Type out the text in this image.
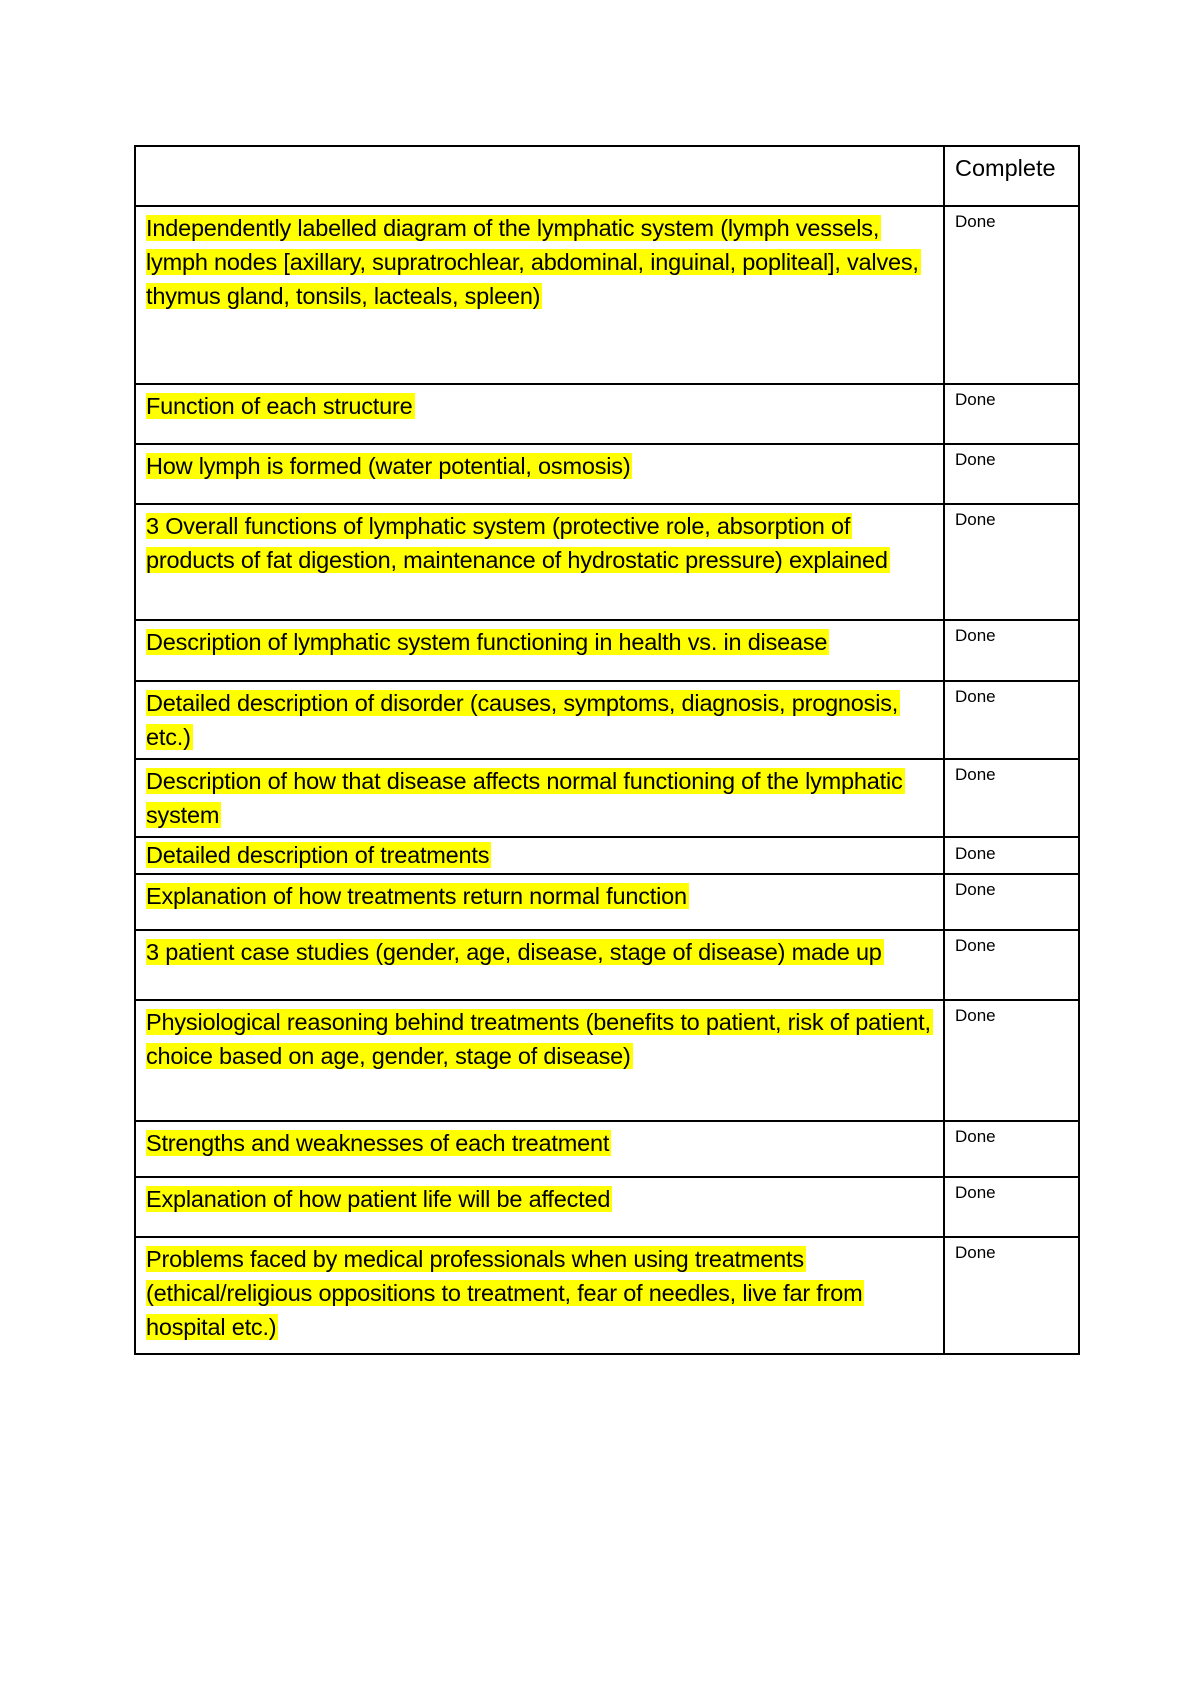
	Complete
Independently labelled diagram of the lymphatic system (lymph vessels, lymph nodes [axillary, supratrochlear, abdominal, inguinal, popliteal], valves, thymus gland, tonsils, lacteals, spleen)	Done
Function of each structure	Done
How lymph is formed (water potential, osmosis)	Done
3 Overall functions of lymphatic system (protective role, absorption of products of fat digestion, maintenance of hydrostatic pressure) explained	Done
Description of lymphatic system functioning in health vs. in disease	Done
Detailed description of disorder (causes, symptoms, diagnosis, prognosis, etc.)	Done
Description of how that disease affects normal functioning of the lymphatic system	Done
Detailed description of treatments	Done
Explanation of how treatments return normal function	Done
3 patient case studies (gender, age, disease, stage of disease) made up	Done
Physiological reasoning behind treatments (benefits to patient, risk of patient, choice based on age, gender, stage of disease)	Done
Strengths and weaknesses of each treatment	Done
Explanation of how patient life will be affected	Done
Problems faced by medical professionals when using treatments (ethical/religious oppositions to treatment, fear of needles, live far from hospital etc.)	Done
